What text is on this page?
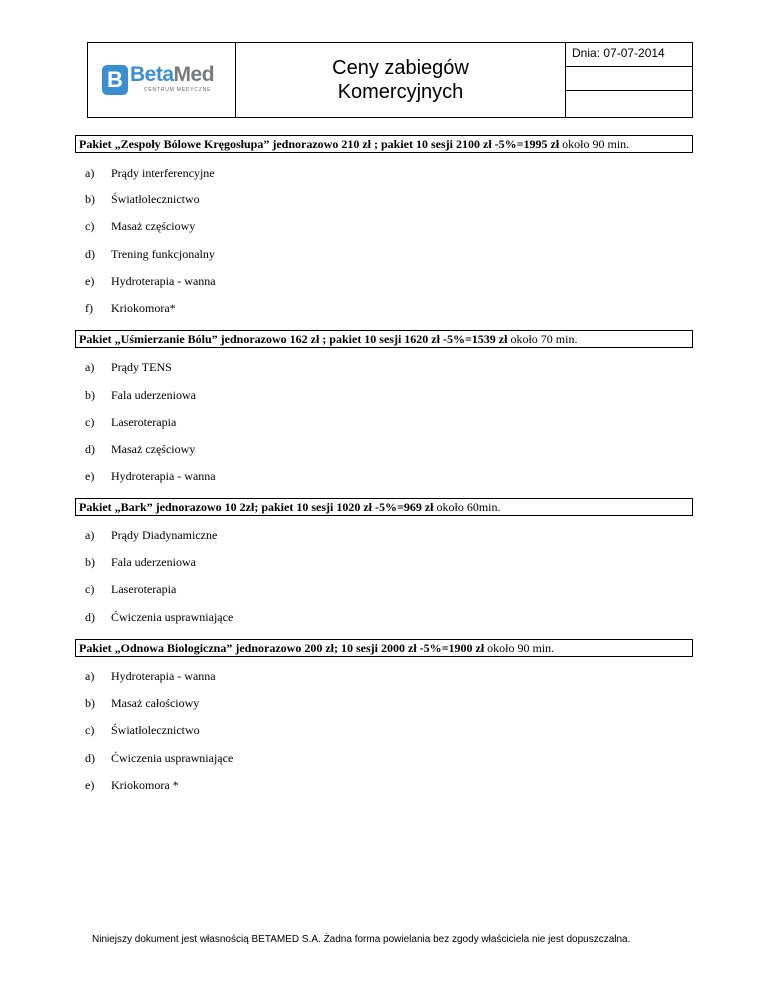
B BetaMed
CENTRUM MEDYCZNE
Ceny zabiegów
Komercyjnych
Dnia: 07-07-2014
Pakiet „Zespoły Bólowe Kręgosłupa” jednorazowo 210 zł ; pakiet 10 sesji 2100 zł -5%=1995 zł około 90 min.
a) Prądy interferencyjne
b) Światłolecznictwo
c) Masaż częściowy
d) Trening funkcjonalny
e) Hydroterapia - wanna
f) Kriokomora*
Pakiet „Uśmierzanie Bólu” jednorazowo 162 zł ; pakiet 10 sesji 1620 zł -5%=1539 zł około 70 min.
a) Prądy TENS
b) Fala uderzeniowa
c) Laseroterapia
d) Masaż częściowy
e) Hydroterapia - wanna
Pakiet „Bark” jednorazowo 10 2zł; pakiet 10 sesji 1020 zł -5%=969 zł około 60min.
a) Prądy Diadynamiczne
b) Fala uderzeniowa
c) Laseroterapia
d) Ćwiczenia usprawniające
Pakiet „Odnowa Biologiczna” jednorazowo 200 zł; 10 sesji 2000 zł -5%=1900 zł około 90 min.
a) Hydroterapia - wanna
b) Masaż całościowy
c) Światłolecznictwo
d) Ćwiczenia usprawniające
e) Kriokomora *
Niniejszy dokument jest własnością BETAMED S.A. Żadna forma powielania bez zgody właściciela nie jest dopuszczalna.
